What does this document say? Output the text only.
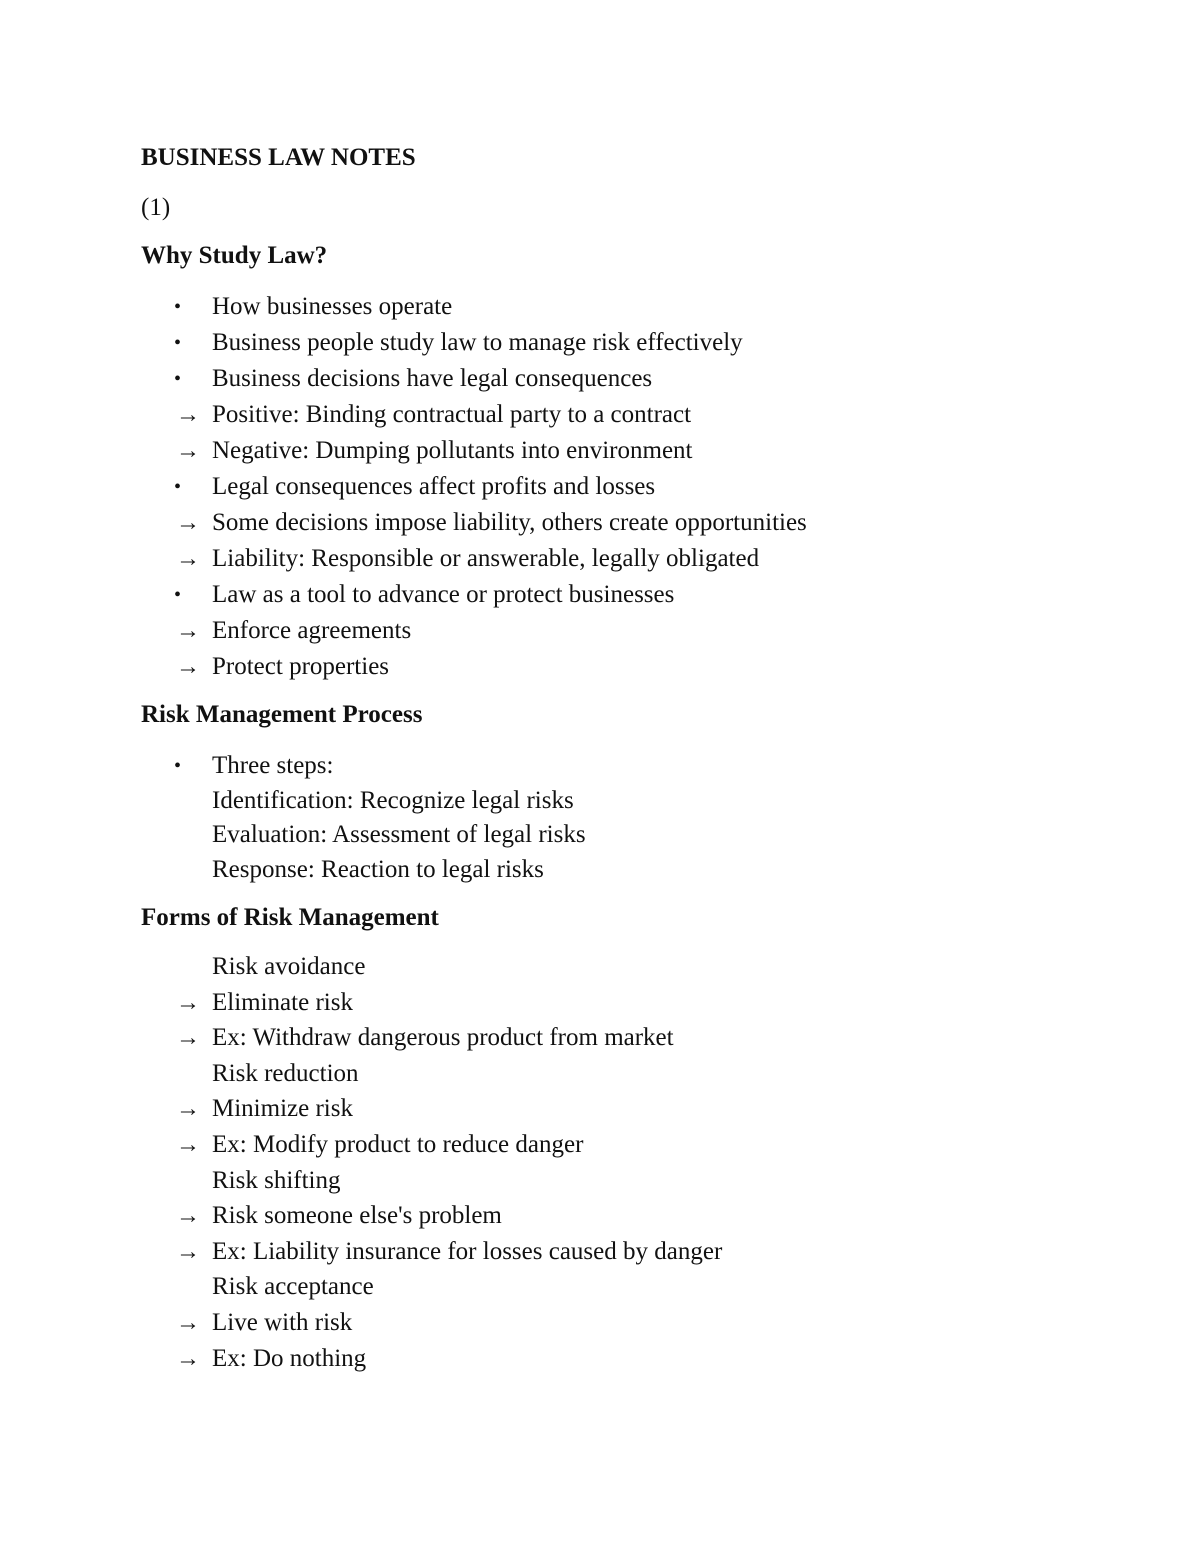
BUSINESS LAW NOTES
(1)
Why Study Law?
• How businesses operate
• Business people study law to manage risk effectively
• Business decisions have legal consequences
→ Positive: Binding contractual party to a contract
→ Negative: Dumping pollutants into environment
• Legal consequences affect profits and losses
→ Some decisions impose liability, others create opportunities
→ Liability: Responsible or answerable, legally obligated
• Law as a tool to advance or protect businesses
→ Enforce agreements
→ Protect properties
Risk Management Process
• Three steps:
Identification: Recognize legal risks
Evaluation: Assessment of legal risks
Response: Reaction to legal risks
Forms of Risk Management
Risk avoidance
→ Eliminate risk
→ Ex: Withdraw dangerous product from market
Risk reduction
→ Minimize risk
→ Ex: Modify product to reduce danger
Risk shifting
→ Risk someone else's problem
→ Ex: Liability insurance for losses caused by danger
Risk acceptance
→ Live with risk
→ Ex: Do nothing
